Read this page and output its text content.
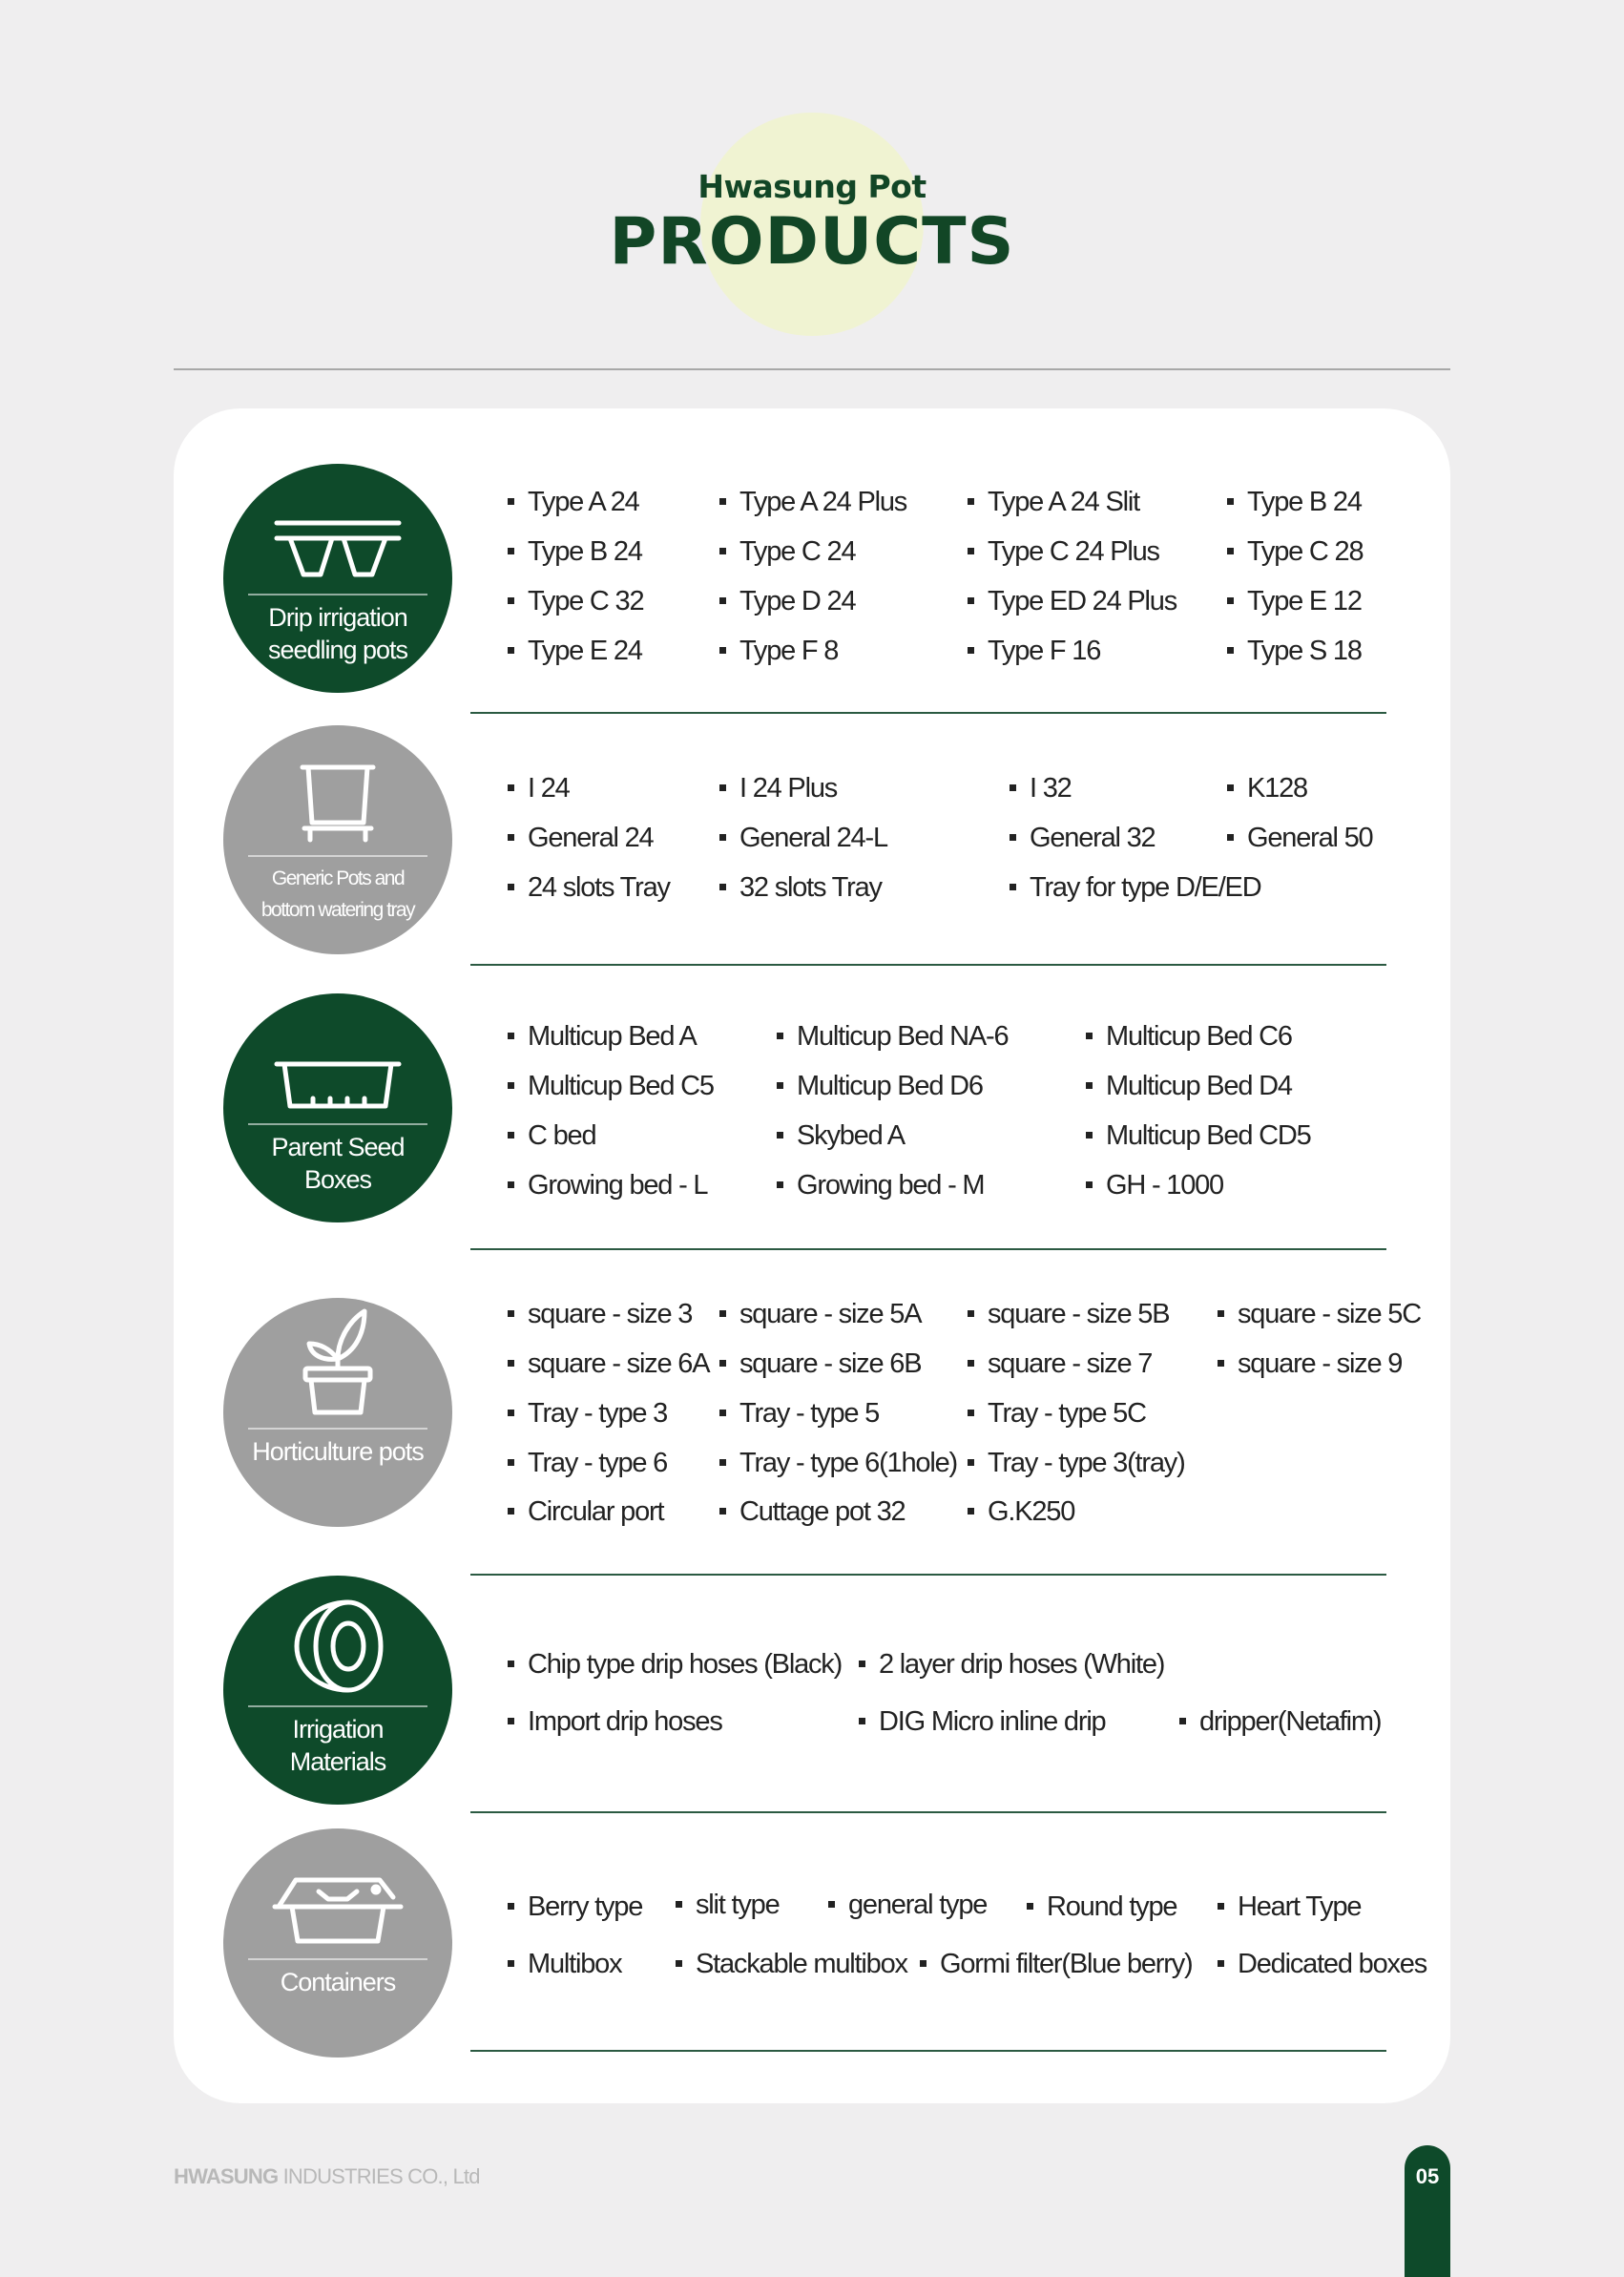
Hwasung Pot
PRODUCTS
Drip irrigation
seedling pots
Type A 24	Type A 24 Plus	Type A 24 Slit	Type B 24
Type B 24	Type C 24	Type C 24 Plus	Type C 28
Type C 32	Type D 24	Type ED 24 Plus	Type E 12
Type E 24	Type F 8	Type F 16	Type S 18
Generic Pots and
bottom watering tray
I 24	I 24 Plus	I 32	K128
General 24	General 24-L	General 32	General 50
24 slots Tray	32 slots Tray	Tray for type D/E/ED
Parent Seed Boxes
Multicup Bed A	Multicup Bed NA-6	Multicup Bed C6
Multicup Bed C5	Multicup Bed D6	Multicup Bed D4
C bed	Skybed A	Multicup Bed CD5
Growing bed - L	Growing bed - M	GH - 1000
Horticulture pots
square - size 3	square - size 5A	square - size 5B	square - size 5C
square - size 6A	square - size 6B	square - size 7	square - size 9
Tray - type 3	Tray - type 5	Tray - type 5C
Tray - type 6	Tray - type 6(1hole)	Tray - type 3(tray)
Circular port	Cuttage pot 32	G.K250
Irrigation Materials
Chip type drip hoses (Black)	2 layer drip hoses (White)
Import drip hoses	DIG Micro inline drip	dripper(Netafim)
Containers
Berry type	slit type	general type	Round type	Heart Type
Multibox	Stackable multibox	Gormi filter(Blue berry)	Dedicated boxes
HWASUNG INDUSTRIES CO., Ltd	05
